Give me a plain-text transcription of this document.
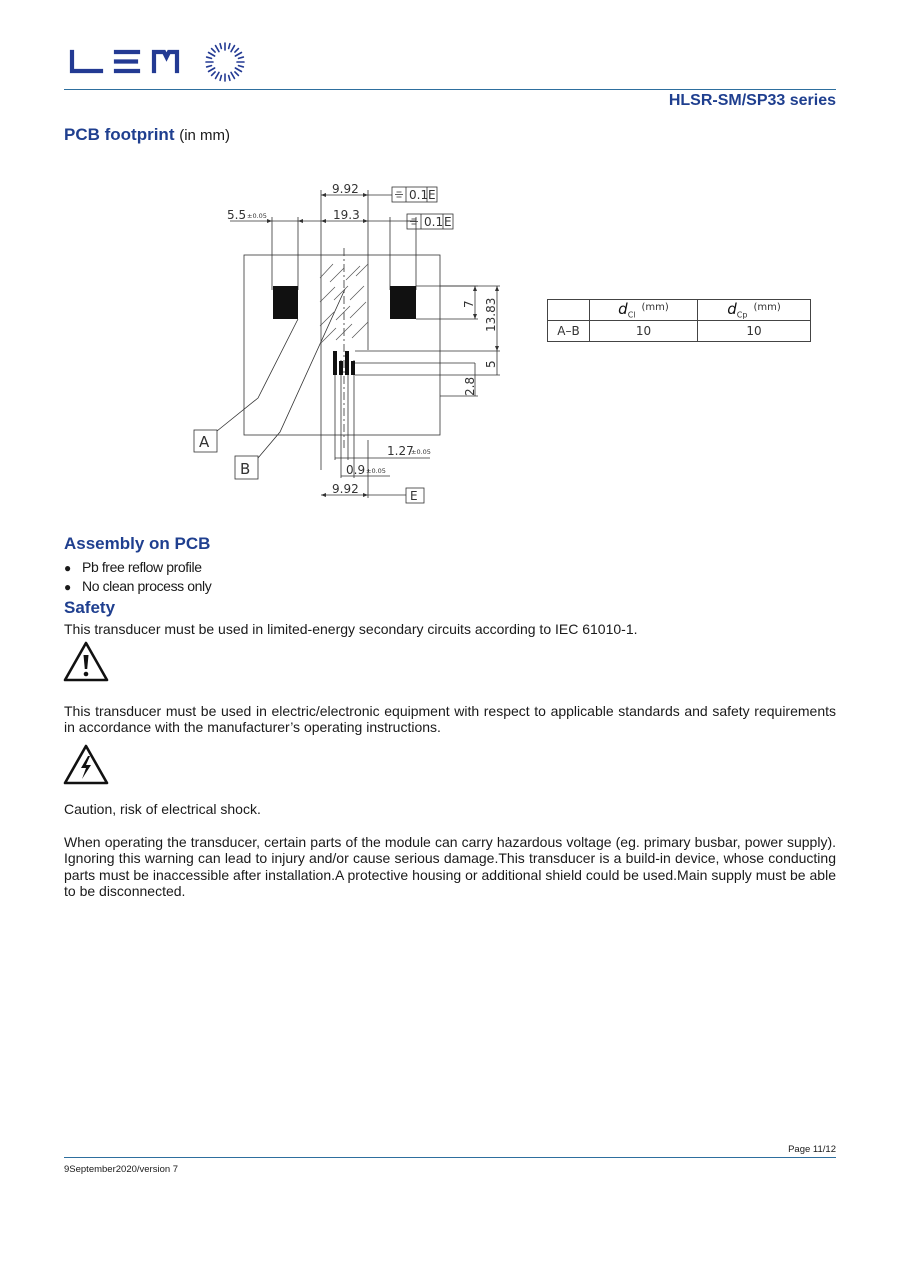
HLSR-SM/SP33 series
PCB footprint (in mm)
9.92
19.3
5.5 ±0.05
0.1 E
0.1 E
E
7 13.83
5
2.8
1.27
±0.05
0.9 ±0.05
9.92
A
B
	$d_{Cl}^{(mm)}$	$d_{Cp}^{(mm)}$
A–B	10	10
Assembly on PCB
● Pb free reflow profile
● No clean process only
Safety
This transducer must be used in limited-energy secondary circuits according to IEC 61010-1.
This transducer must be used in electric/electronic equipment with respect to applicable standards and safety requirements in accordance with the manufacturer’s operating instructions.
Caution, risk of electrical shock.
When operating the transducer, certain parts of the module can carry hazardous voltage (eg. primary busbar, power supply). Ignoring this warning can lead to injury and/or cause serious damage.This transducer is a build-in device, whose conducting parts must be inaccessible after installation.A protective housing or additional shield could be used.Main supply must be able to be disconnected.
Page 11/12
9September2020/version 7
